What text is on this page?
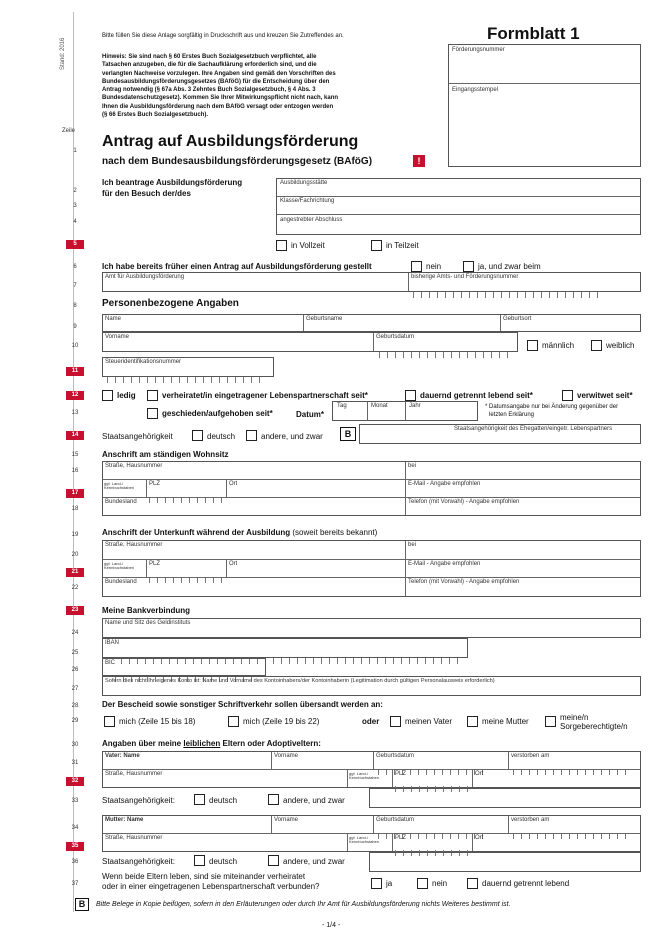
Stand: 2016
Zeile
Bitte füllen Sie diese Anlage sorgfältig in Druckschrift aus und kreuzen Sie Zutreffendes an.
Hinweis: Sie sind nach § 60 Erstes Buch Sozialgesetzbuch verpflichtet, alle
Tatsachen anzugeben, die für die Sachaufklärung erforderlich sind, und die
verlangten Nachweise vorzulegen. Ihre Angaben sind gemäß den Vorschriften des
Bundesausbildungsförderungsgesetzes (BAföG) für die Entscheidung über den
Antrag notwendig (§ 67a Abs. 3 Zehntes Buch Sozialgesetzbuch, § 4 Abs. 3
Bundesdatenschutzgesetz). Kommen Sie Ihrer Mitwirkungspflicht nicht nach, kann
Ihnen die Ausbildungsförderung nach dem BAföG versagt oder entzogen werden
(§ 66 Erstes Buch Sozialgesetzbuch).
Formblatt 1
Förderungsnummer
Eingangsstempel
1
Antrag auf Ausbildungsförderung
nach dem Bundesausbildungsförderungsgesetz (BAföG)	!
2
3
4
Ich beantrage Ausbildungsförderung
für den Besuch der/des
Ausbildungsstätte
Klasse/Fachrichtung
angestrebter Abschluss
5	in Vollzeit	in Teilzeit
6
7
Ich habe bereits früher einen Antrag auf Ausbildungsförderung gestellt	nein	ja, und zwar beim
Amt für Ausbildungsförderung	bisherige Amts- und Förderungsnummer
Personenbezogene Angaben
8
9
10
Name	Geburtsname	Geburtsort
Vorname	Geburtsdatum
männlich	weiblich
11
Steueridentifikationsnummer
12
13
ledig	verheiratet/in eingetragener Lebenspartnerschaft seit*	dauernd getrennt lebend seit*	verwitwet seit*
geschieden/aufgehoben seit*	Datum*
Tag	Monat	Jahr	* Datumsangabe nur bei Änderung gegenüber der
letzten Erklärung
14	Staatsangehörigkeit	deutsch	andere, und zwar	B	Staatsangehörigkeit des Ehegatten/eingetr. Lebenspartners
15
16
17
18
Anschrift am ständigen Wohnsitz
Straße, Hausnummer	bei
ggf. Land-/ Kennbuchstaben
PLZ	Ort	E-Mail - Angabe empfohlen
Bundesland	Telefon (mit Vorwahl) - Angabe empfohlen
19
20
21
22
Anschrift der Unterkunft während der Ausbildung (soweit bereits bekannt)
Straße, Hausnummer	bei
ggf. Land-/ Kennbuchstaben
PLZ	Ort	E-Mail - Angabe empfohlen
Bundesland	Telefon (mit Vorwahl) - Angabe empfohlen
23
24
25
26
27
Meine Bankverbindung
Name und Sitz des Geldinstituts
IBAN
BIC
Sofern dies nicht Ihr eigenes Konto ist: Name und Vorname des Kontoinhabers/der Kontoinhaberin (Legitimation durch gültigen Personalausweis erforderlich)
28
29
Der Bescheid sowie sonstiger Schriftverkehr sollen übersandt werden an:
mich (Zeile 15 bis 18)	mich (Zeile 19 bis 22)	oder	meinen Vater	meine Mutter	meine/n
Sorgeberechtigte/n
30	Angaben über meine leiblichen Eltern oder Adoptiveltern:
31
32
33
Vater: Name	Vorname	Geburtsdatum	verstorben am
Straße, Hausnummer	ggf. Land-/ Kennbuchstaben
PLZ	Ort
Staatsangehörigkeit:	deutsch	andere, und zwar
34
35
36
Mutter: Name	Vorname	Geburtsdatum	verstorben am
Straße, Hausnummer	ggf. Land-/ Kennbuchstaben
PLZ	Ort
Staatsangehörigkeit:	deutsch	andere, und zwar
37
Wenn beide Eltern leben, sind sie miteinander verheiratet
oder in einer eingetragenen Lebenspartnerschaft verbunden?	ja	nein	dauernd getrennt lebend
B	Bitte Belege in Kopie beifügen, sofern in den Erläuterungen oder durch Ihr Amt für Ausbildungsförderung nichts Weiteres bestimmt ist.
- 1/4 -
